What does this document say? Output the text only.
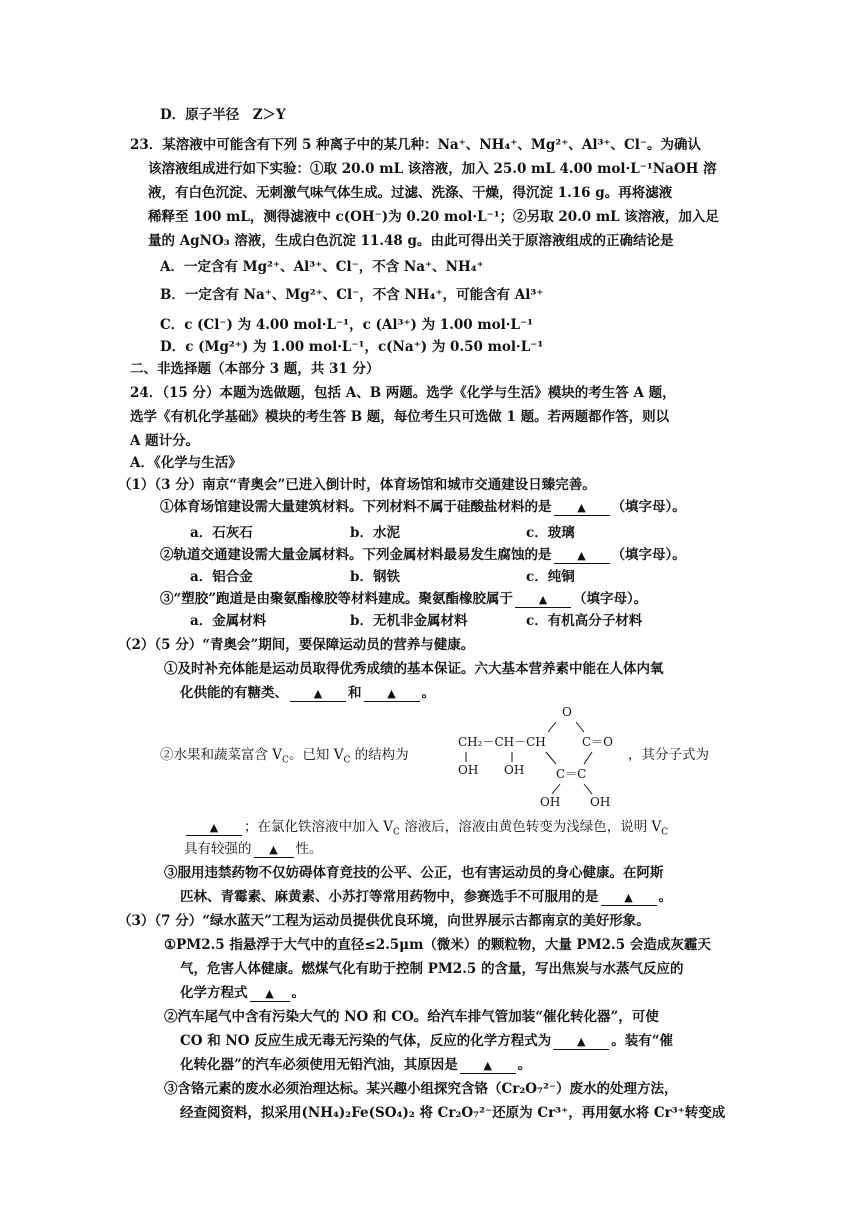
D．原子半径　Z＞Y
23．某溶液中可能含有下列 5 种离子中的某几种：Na⁺、NH₄⁺、Mg²⁺、Al³⁺、Cl⁻。为确认
该溶液组成进行如下实验：①取 20.0 mL 该溶液，加入 25.0 mL 4.00 mol·L⁻¹NaOH 溶
液，有白色沉淀、无刺激气味气体生成。过滤、洗涤、干燥，得沉淀 1.16 g。再将滤液
稀释至 100 mL，测得滤液中 c(OH⁻)为 0.20 mol·L⁻¹；②另取 20.0 mL 该溶液，加入足
量的 AgNO₃ 溶液，生成白色沉淀 11.48 g。由此可得出关于原溶液组成的正确结论是
A．一定含有 Mg²⁺、Al³⁺、Cl⁻，不含 Na⁺、NH₄⁺
B．一定含有 Na⁺、Mg²⁺、Cl⁻，不含 NH₄⁺，可能含有 Al³⁺
C．c (Cl⁻) 为 4.00 mol·L⁻¹，c (Al³⁺) 为 1.00 mol·L⁻¹
D．c (Mg²⁺) 为 1.00 mol·L⁻¹，c(Na⁺) 为 0.50 mol·L⁻¹
二、非选择题（本部分 3 题，共 31 分）
24．（15 分）本题为选做题，包括 A、B 两题。选学《化学与生活》模块的考生答 A 题，
选学《有机化学基础》模块的考生答 B 题，每位考生只可选做 1 题。若两题都作答，则以
A 题计分。
A．《化学与生活》
（1）（3 分）南京“青奥会”已进入倒计时，体育场馆和城市交通建设日臻完善。
①体育场馆建设需大量建筑材料。下列材料不属于硅酸盐材料的是 ▲ （填字母）。
a．石灰石	b．水泥	c．玻璃
②轨道交通建设需大量金属材料。下列金属材料最易发生腐蚀的是 ▲ （填字母）。
a．铝合金	b．钢铁	c．纯铜
③“塑胶”跑道是由聚氨酯橡胶等材料建成。聚氨酯橡胶属于 ▲ （填字母）。
a．金属材料	b．无机非金属材料	c．有机高分子材料
（2）（5 分）“青奥会”期间，要保障运动员的营养与健康。
①及时补充体能是运动员取得优秀成绩的基本保证。六大基本营养素中能在人体内氧
化供能的有糖类、 ▲ 和 ▲ 。
②水果和蔬菜富含 $V_C$。已知 $V_C$ 的结构为
O
CH₂－CH－CH	C＝O
OH OH	C＝C
OH OH
，其分子式为
▲ ；在氯化铁溶液中加入 $V_C$ 溶液后，溶液由黄色转变为浅绿色，说明 $V_C$
具有较强的 ▲ 性。
③服用违禁药物不仅妨碍体育竞技的公平、公正，也有害运动员的身心健康。在阿斯
匹林、青霉素、麻黄素、小苏打等常用药物中，参赛选手不可服用的是 ▲ 。
（3）（7 分）“绿水蓝天”工程为运动员提供优良环境，向世界展示古都南京的美好形象。
①PM2.5 指悬浮于大气中的直径≤2.5μm（微米）的颗粒物，大量 PM2.5 会造成灰霾天
气，危害人体健康。燃煤气化有助于控制 PM2.5 的含量，写出焦炭与水蒸气反应的
化学方程式 ▲ 。
②汽车尾气中含有污染大气的 NO 和 CO。给汽车排气管加装“催化转化器”，可使
CO 和 NO 反应生成无毒无污染的气体，反应的化学方程式为 ▲ 。装有“催
化转化器”的汽车必须使用无铅汽油，其原因是 ▲ 。
③含铬元素的废水必须治理达标。某兴趣小组探究含铬（Cr₂O₇²⁻）废水的处理方法，
经查阅资料，拟采用(NH₄)₂Fe(SO₄)₂ 将 Cr₂O₇²⁻还原为 Cr³⁺，再用氨水将 Cr³⁺转变成
